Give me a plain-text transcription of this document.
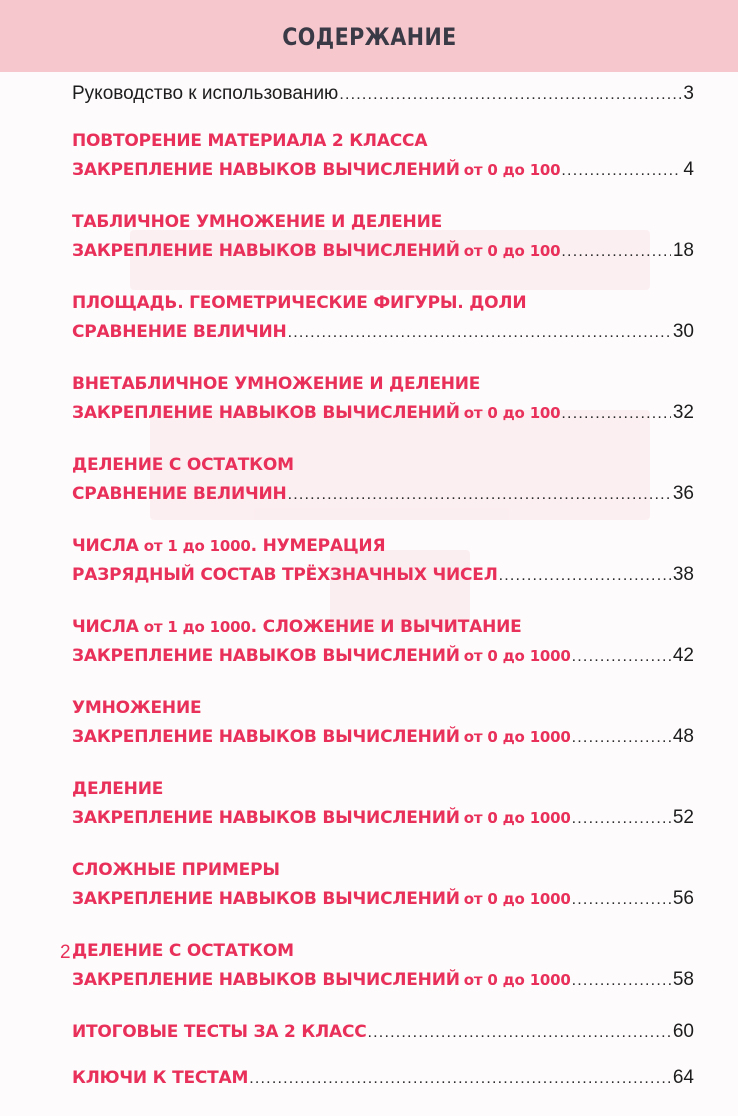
СОДЕРЖАНИЕ
Руководство к использованию .....	3
ПОВТОРЕНИЕ МАТЕРИАЛА 2 КЛАССА
ЗАКРЕПЛЕНИЕ НАВЫКОВ ВЫЧИСЛЕНИЙ от 0 до 100 .....	4
ТАБЛИЧНОЕ УМНОЖЕНИЕ И ДЕЛЕНИЕ
ЗАКРЕПЛЕНИЕ НАВЫКОВ ВЫЧИСЛЕНИЙ от 0 до 100 .....	18
ПЛОЩАДЬ. ГЕОМЕТРИЧЕСКИЕ ФИГУРЫ. ДОЛИ
СРАВНЕНИЕ ВЕЛИЧИН .....	30
ВНЕТАБЛИЧНОЕ УМНОЖЕНИЕ И ДЕЛЕНИЕ
ЗАКРЕПЛЕНИЕ НАВЫКОВ ВЫЧИСЛЕНИЙ от 0 до 100 .....	32
ДЕЛЕНИЕ С ОСТАТКОМ
СРАВНЕНИЕ ВЕЛИЧИН .....	36
ЧИСЛА от 1 до 1000 . НУМЕРАЦИЯ
РАЗРЯДНЫЙ СОСТАВ ТРЁХЗНАЧНЫХ ЧИСЕЛ .....	38
ЧИСЛА от 1 до 1000 . СЛОЖЕНИЕ И ВЫЧИТАНИЕ
ЗАКРЕПЛЕНИЕ НАВЫКОВ ВЫЧИСЛЕНИЙ от 0 до 1000 .....	42
УМНОЖЕНИЕ
ЗАКРЕПЛЕНИЕ НАВЫКОВ ВЫЧИСЛЕНИЙ от 0 до 1000 .....	48
ДЕЛЕНИЕ
ЗАКРЕПЛЕНИЕ НАВЫКОВ ВЫЧИСЛЕНИЙ от 0 до 1000 .....	52
СЛОЖНЫЕ ПРИМЕРЫ
ЗАКРЕПЛЕНИЕ НАВЫКОВ ВЫЧИСЛЕНИЙ от 0 до 1000 .....	56
ДЕЛЕНИЕ С ОСТАТКОМ
ЗАКРЕПЛЕНИЕ НАВЫКОВ ВЫЧИСЛЕНИЙ от 0 до 1000 .....	58
ИТОГОВЫЕ ТЕСТЫ ЗА 2 КЛАСС .....	60
КЛЮЧИ К ТЕСТАМ .....	64
2
